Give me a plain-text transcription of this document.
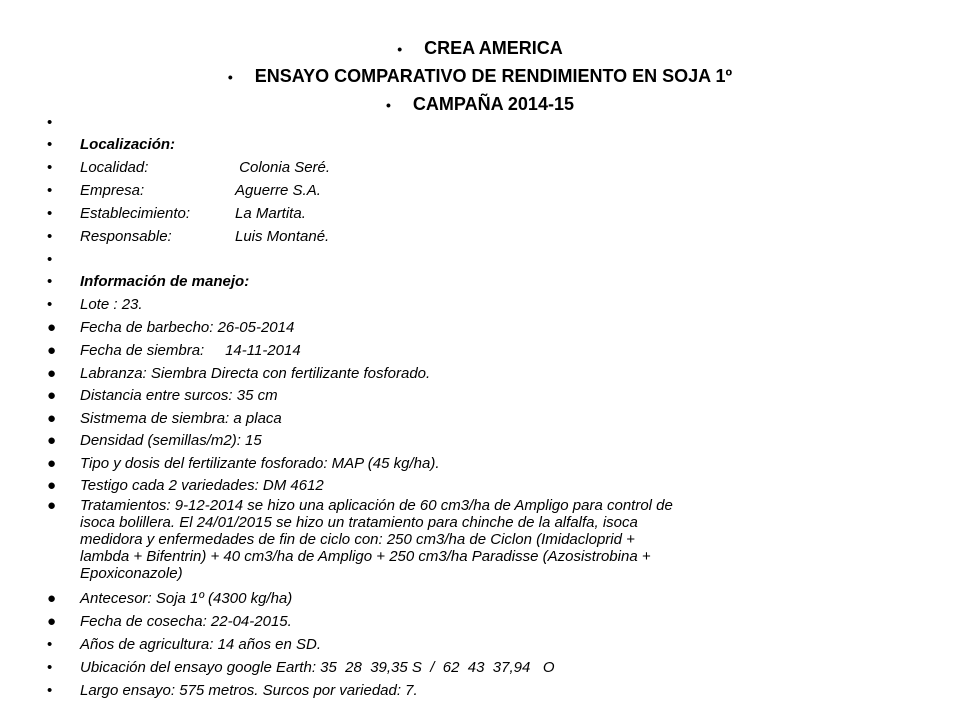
• CREA AMERICA
• ENSAYO COMPARATIVO DE RENDIMIENTO EN SOJA 1º
• CAMPAÑA 2014-15
•
•	Localización:
•	Localidad:	Colonia Seré.
•	Empresa:	Aguerre S.A.
•	Establecimiento:	La Martita.
•	Responsable:	Luis Montané.
•
•	Información de manejo:
•	Lote : 23.
●	Fecha de barbecho: 26-05-2014
●	Fecha de siembra:     14-11-2014
●	Labranza: Siembra Directa con fertilizante fosforado.
●	Distancia entre surcos: 35 cm
●	Sistmema de siembra: a placa
●	Densidad (semillas/m2): 15
●	Tipo y dosis del fertilizante fosforado: MAP (45 kg/ha).
●	Testigo cada 2 variedades: DM 4612
●	Tratamientos: 9-12-2014 se hizo una aplicación de 60 cm3/ha de Ampligo para control de isoca bolillera. El 24/01/2015 se hizo un tratamiento para chinche de la alfalfa, isoca medidora y enfermedades de fin de ciclo con: 250 cm3/ha de Ciclon (Imidacloprid + lambda + Bifentrin) + 40 cm3/ha de Ampligo + 250 cm3/ha Paradisse (Azosistrobina + Epoxiconazole)
●	Antecesor: Soja 1º (4300 kg/ha)
●	Fecha de cosecha: 22-04-2015.
•	Años de agricultura: 14 años en SD.
•	Ubicación del ensayo google Earth: 35  28  39,35 S  /  62  43  37,94   O
•	Largo ensayo: 575 metros. Surcos por variedad: 7.
